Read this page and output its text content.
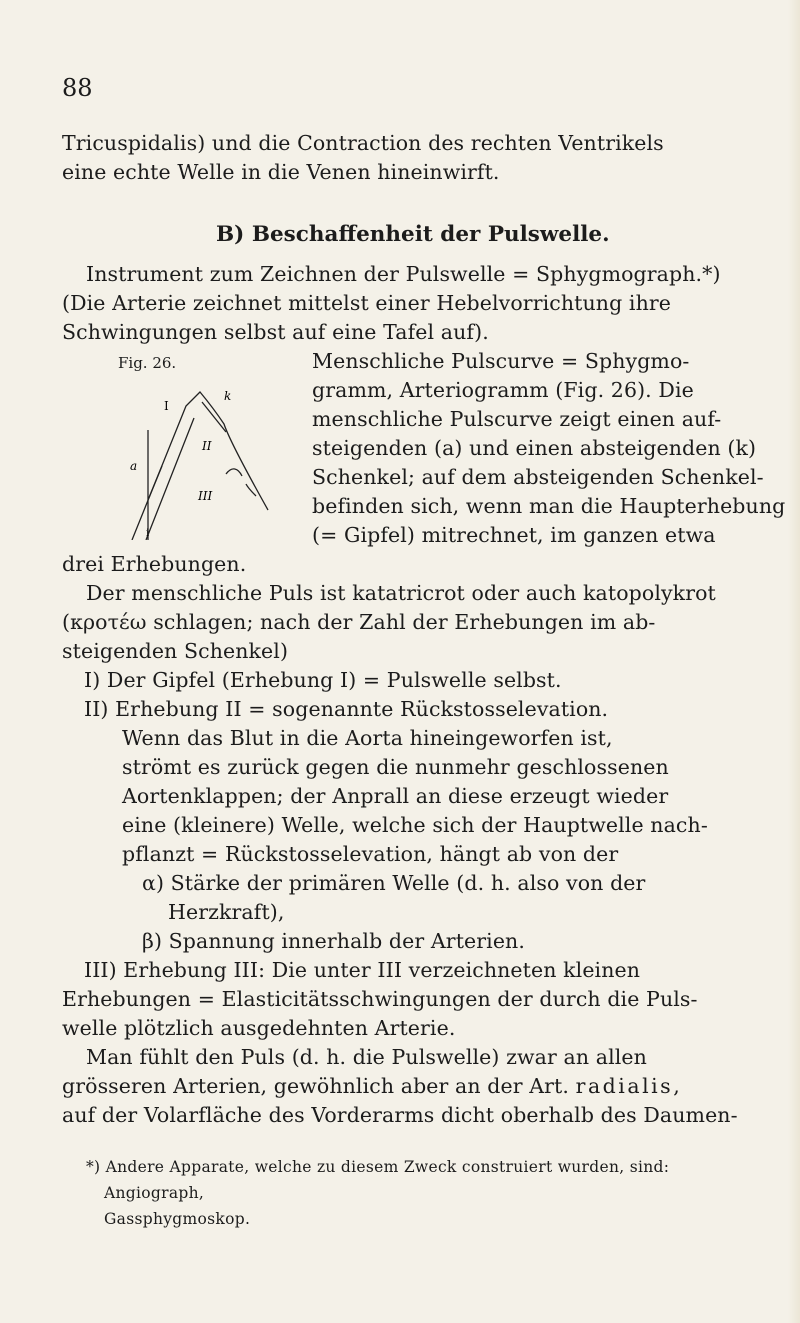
88
Tricuspidalis) und die Contraction des rechten Ventrikels
eine echte Welle in die Venen hineinwirft.
B) Beschaffenheit der Pulswelle.
Instrument zum Zeichnen der Pulswelle = Sphygmograph.*)
(Die Arterie zeichnet mittelst einer Hebelvorrichtung ihre
Schwingungen selbst auf eine Tafel auf).
Fig. 26.
I
II
III
a
k
i
Menschliche Pulscurve = Sphygmo-
gramm, Arteriogramm (Fig. 26). Die
menschliche Pulscurve zeigt einen auf-
steigenden (a) und einen absteigenden (k)
Schenkel; auf dem absteigenden Schenkel-
befinden sich, wenn man die Haupterhebung
(= Gipfel) mitrechnet, im ganzen etwa
drei Erhebungen.
Der menschliche Puls ist katatricrot oder auch katopolykrot
(κροτέω schlagen; nach der Zahl der Erhebungen im ab-
steigenden Schenkel)
I) Der Gipfel (Erhebung I) = Pulswelle selbst.
II) Erhebung II = sogenannte Rückstosselevation.
Wenn das Blut in die Aorta hineingeworfen ist,
strömt es zurück gegen die nunmehr geschlossenen
Aortenklappen; der Anprall an diese erzeugt wieder
eine (kleinere) Welle, welche sich der Hauptwelle nach-
pflanzt = Rückstosselevation, hängt ab von der
α) Stärke der primären Welle (d. h. also von der
Herzkraft),
β) Spannung innerhalb der Arterien.
III) Erhebung III: Die unter III verzeichneten kleinen
Erhebungen = Elasticitätsschwingungen der durch die Puls-
welle plötzlich ausgedehnten Arterie.
Man fühlt den Puls (d. h. die Pulswelle) zwar an allen
grösseren Arterien, gewöhnlich aber an der Art. radialis,
auf der Volarfläche des Vorderarms dicht oberhalb des Daumen-
*) Andere Apparate, welche zu diesem Zweck construiert wurden, sind:
Angiograph,
Gassphygmoskop.
